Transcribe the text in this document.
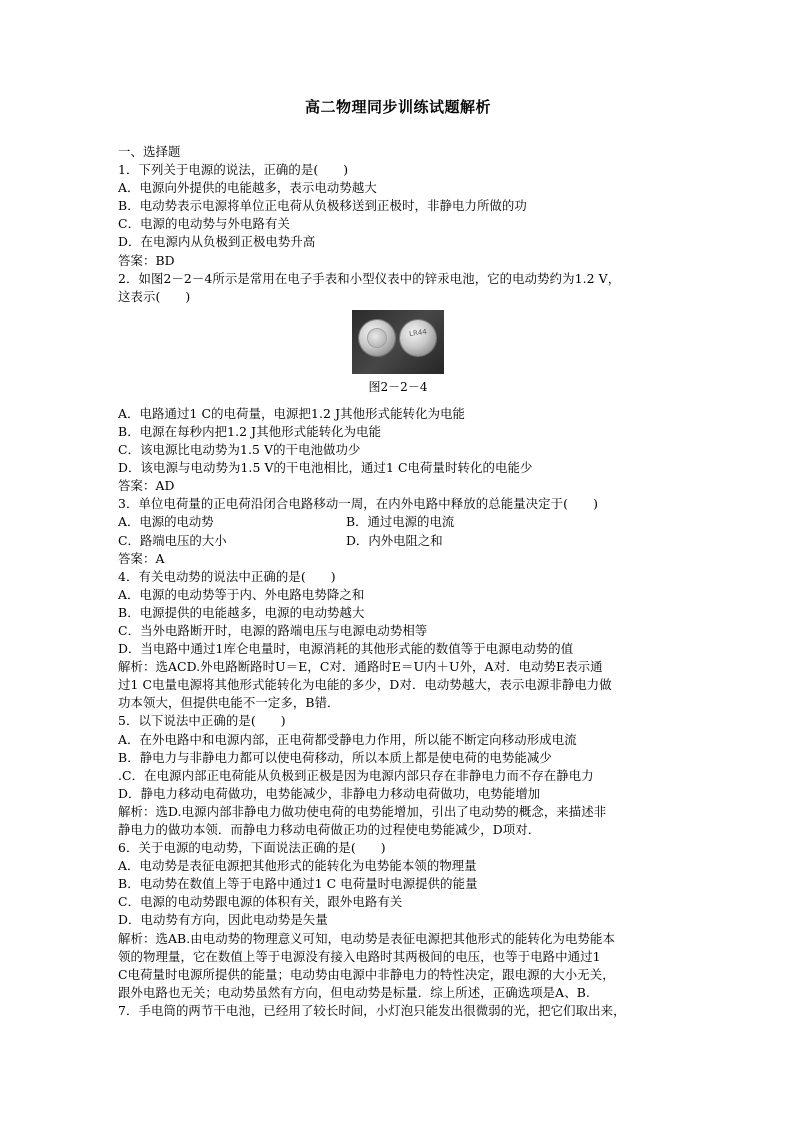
高二物理同步训练试题解析
一、选择题
1．下列关于电源的说法，正确的是(　　)
A．电源向外提供的电能越多，表示电动势越大
B．电动势表示电源将单位正电荷从负极移送到正极时，非静电力所做的功
C．电源的电动势与外电路有关
D．在电源内从负极到正极电势升高
答案：BD
2．如图2－2－4所示是常用在电子手表和小型仪表中的锌汞电池，它的电动势约为1.2 V，
这表示(　　)
LR44
图2－2－4
A．电路通过1 C的电荷量，电源把1.2 J其他形式能转化为电能
B．电源在每秒内把1.2 J其他形式能转化为电能
C．该电源比电动势为1.5 V的干电池做功少
D．该电源与电动势为1.5 V的干电池相比，通过1 C电荷量时转化的电能少
答案：AD
3．单位电荷量的正电荷沿闭合电路移动一周，在内外电路中释放的总能量决定于(　　)
A．电源的电动势	B．通过电源的电流
C．路端电压的大小	D．内外电阻之和
答案：A
4．有关电动势的说法中正确的是(　　)
A．电源的电动势等于内、外电路电势降之和
B．电源提供的电能越多，电源的电动势越大
C．当外电路断开时，电源的路端电压与电源电动势相等
D．当电路中通过1库仑电量时，电源消耗的其他形式能的数值等于电源电动势的值
解析：选ACD.外电路断路时U＝E，C对．通路时E＝U内＋U外，A对．电动势E表示通
过1 C电量电源将其他形式能转化为电能的多少，D对．电动势越大，表示电源非静电力做
功本领大，但提供电能不一定多，B错．
5．以下说法中正确的是(　　)
A．在外电路中和电源内部，正电荷都受静电力作用，所以能不断定向移动形成电流
B．静电力与非静电力都可以使电荷移动，所以本质上都是使电荷的电势能减少
.C．在电源内部正电荷能从负极到正极是因为电源内部只存在非静电力而不存在静电力
D．静电力移动电荷做功，电势能减少，非静电力移动电荷做功，电势能增加
解析：选D.电源内部非静电力做功使电荷的电势能增加，引出了电动势的概念，来描述非
静电力的做功本领．而静电力移动电荷做正功的过程使电势能减少，D项对．
6．关于电源的电动势，下面说法正确的是(　　)
A．电动势是表征电源把其他形式的能转化为电势能本领的物理量
B．电动势在数值上等于电路中通过1 C 电荷量时电源提供的能量
C．电源的电动势跟电源的体积有关，跟外电路有关
D．电动势有方向，因此电动势是矢量
解析：选AB.由电动势的物理意义可知，电动势是表征电源把其他形式的能转化为电势能本
领的物理量，它在数值上等于电源没有接入电路时其两极间的电压，也等于电路中通过1
C电荷量时电源所提供的能量；电动势由电源中非静电力的特性决定，跟电源的大小无关，
跟外电路也无关；电动势虽然有方向，但电动势是标量．综上所述，正确选项是A、B.
7．手电筒的两节干电池，已经用了较长时间，小灯泡只能发出很微弱的光，把它们取出来，
